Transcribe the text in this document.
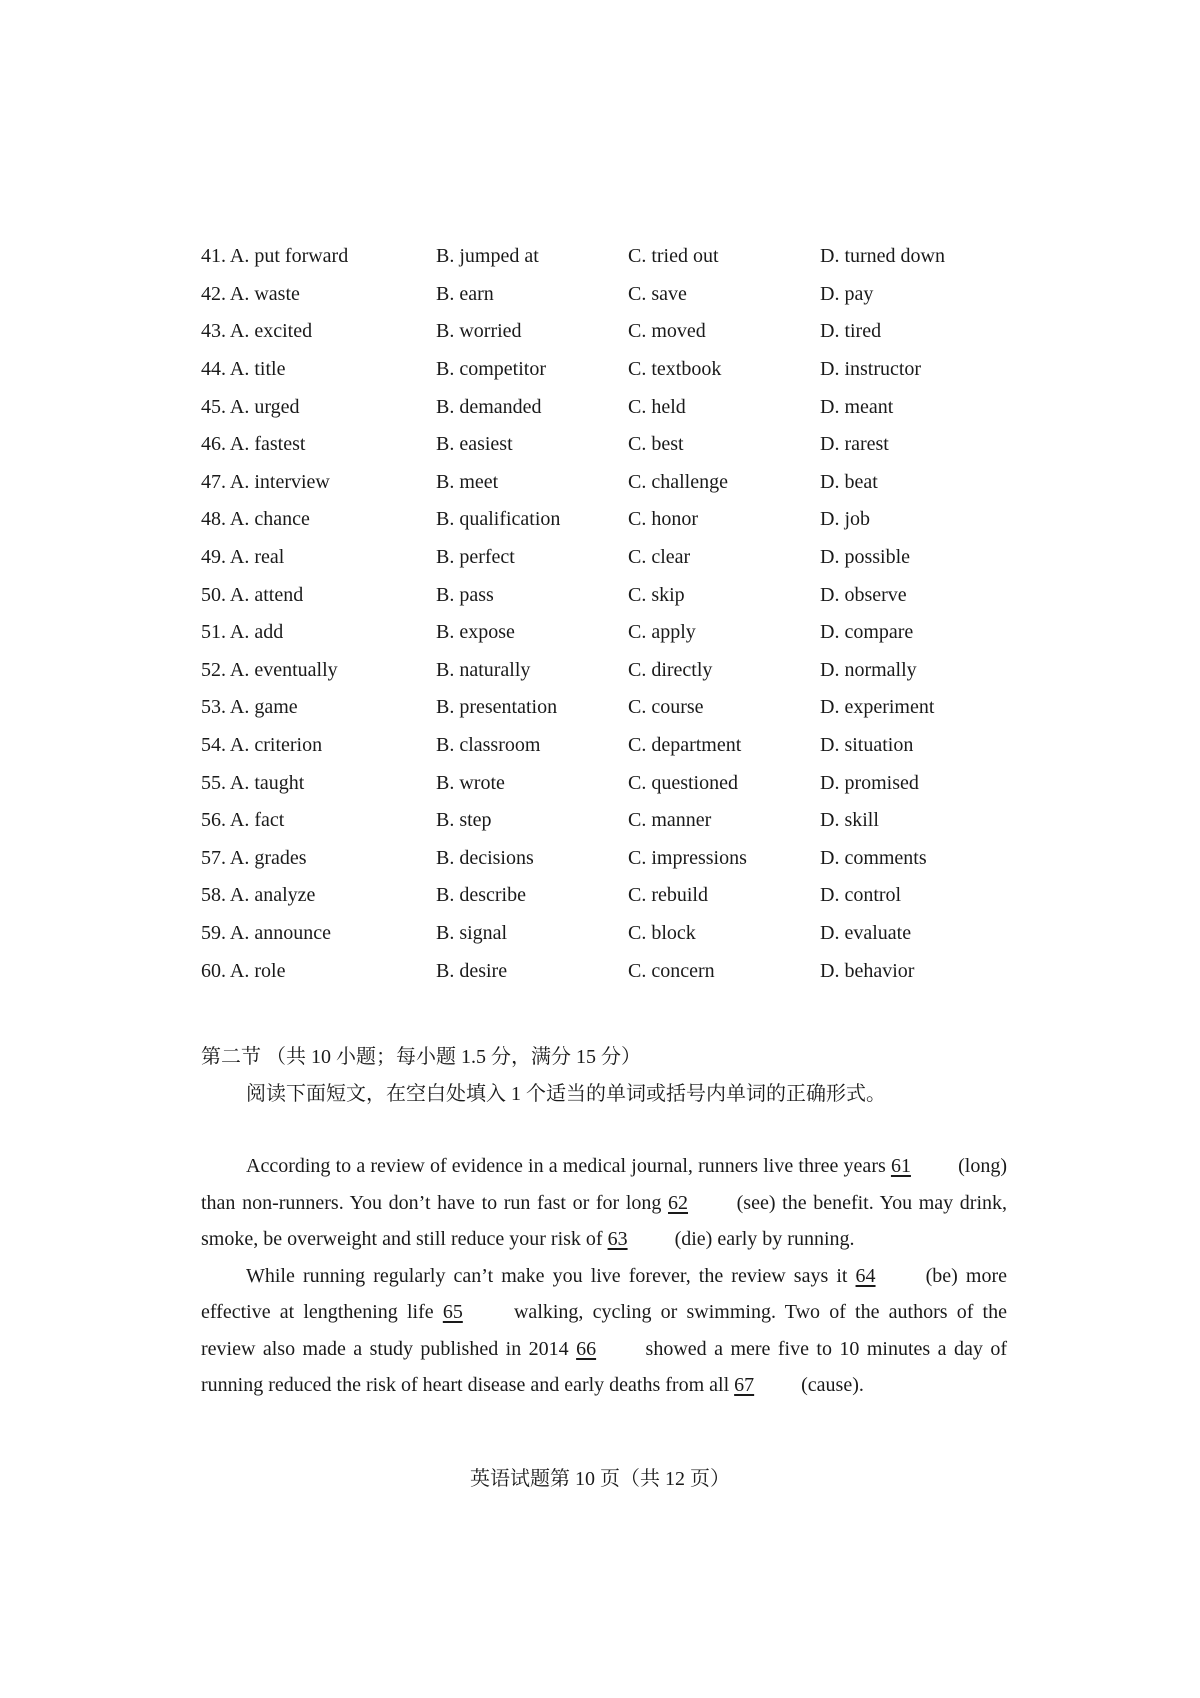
41. A. put forward	B. jumped at	C. tried out	D. turned down
42. A. waste	B. earn	C. save	D. pay
43. A. excited	B. worried	C. moved	D. tired
44. A. title	B. competitor	C. textbook	D. instructor
45. A. urged	B. demanded	C. held	D. meant
46. A. fastest	B. easiest	C. best	D. rarest
47. A. interview	B. meet	C. challenge	D. beat
48. A. chance	B. qualification	C. honor	D. job
49. A. real	B. perfect	C. clear	D. possible
50. A. attend	B. pass	C. skip	D. observe
51. A. add	B. expose	C. apply	D. compare
52. A. eventually	B. naturally	C. directly	D. normally
53. A. game	B. presentation	C. course	D. experiment
54. A. criterion	B. classroom	C. department	D. situation
55. A. taught	B. wrote	C. questioned	D. promised
56. A. fact	B. step	C. manner	D. skill
57. A. grades	B. decisions	C. impressions	D. comments
58. A. analyze	B. describe	C. rebuild	D. control
59. A. announce	B. signal	C. block	D. evaluate
60. A. role	B. desire	C. concern	D. behavior
第二节 （共 10 小题；每小题 1.5 分，满分 15 分）
阅读下面短文，在空白处填入 1 个适当的单词或括号内单词的正确形式。

According to a review of evidence in a medical journal, runners live three years 61 (long) than non-runners. You don’t have to run fast or for long 62 (see) the benefit. You may drink, smoke, be overweight and still reduce your risk of 63 (die) early by running.

While running regularly can’t make you live forever, the review says it 64 (be) more effective at lengthening life 65 walking, cycling or swimming. Two of the authors of the review also made a study published in 2014 66 showed a mere five to 10 minutes a day of running reduced the risk of heart disease and early deaths from all 67 (cause).

英语试题第 10 页（共 12 页）
